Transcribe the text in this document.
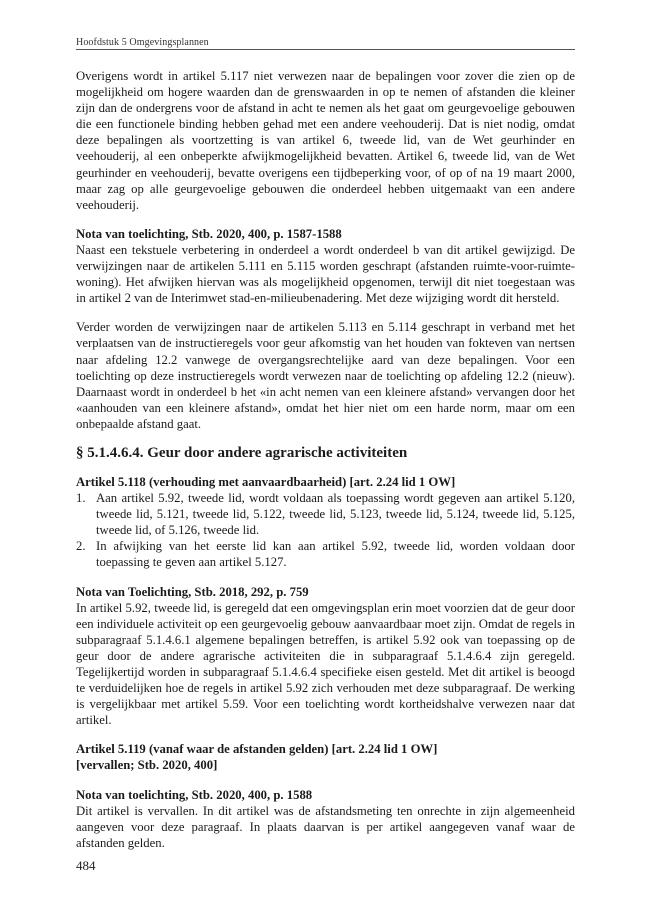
Hoofdstuk 5 Omgevingsplannen

Overigens wordt in artikel 5.117 niet verwezen naar de bepalingen voor zover die zien op de mogelijkheid om hogere waarden dan de grenswaarden in op te nemen of afstanden die kleiner zijn dan de ondergrens voor de afstand in acht te nemen als het gaat om geurgevoelige gebouwen die een functionele binding hebben gehad met een andere veehouderij. Dat is niet nodig, omdat deze bepalingen als voortzetting is van artikel 6, tweede lid, van de Wet geurhinder en veehouderij, al een onbeperkte afwijkmogelijkheid bevatten. Artikel 6, tweede lid, van de Wet geurhinder en veehouderij, bevatte overigens een tijdbeperking voor, of op of na 19 maart 2000, maar zag op alle geurgevoelige gebouwen die onderdeel hebben uitgemaakt van een andere veehouderij.

Nota van toelichting, Stb. 2020, 400, p. 1587-1588

Naast een tekstuele verbetering in onderdeel a wordt onderdeel b van dit artikel gewijzigd. De verwijzingen naar de artikelen 5.111 en 5.115 worden geschrapt (afstanden ruimte-voor-ruimte-woning). Het afwijken hiervan was als mogelijkheid opgenomen, terwijl dit niet toegestaan was in artikel 2 van de Interimwet stad-en-milieubenadering. Met deze wijziging wordt dit hersteld.

Verder worden de verwijzingen naar de artikelen 5.113 en 5.114 geschrapt in verband met het verplaatsen van de instructieregels voor geur afkomstig van het houden van fokteven van nertsen naar afdeling 12.2 vanwege de overgangsrechtelijke aard van deze bepalingen. Voor een toelichting op deze instructieregels wordt verwezen naar de toelichting op afdeling 12.2 (nieuw). Daarnaast wordt in onderdeel b het «in acht nemen van een kleinere afstand» vervangen door het «aanhouden van een kleinere afstand», omdat het hier niet om een harde norm, maar om een onbepaalde afstand gaat.

§ 5.1.4.6.4. Geur door andere agrarische activiteiten

Artikel 5.118 (verhouding met aanvaardbaarheid) [art. 2.24 lid 1 OW]

1. Aan artikel 5.92, tweede lid, wordt voldaan als toepassing wordt gegeven aan artikel 5.120, tweede lid, 5.121, tweede lid, 5.122, tweede lid, 5.123, tweede lid, 5.124, tweede lid, 5.125, tweede lid, of 5.126, tweede lid.
2. In afwijking van het eerste lid kan aan artikel 5.92, tweede lid, worden voldaan door toepassing te geven aan artikel 5.127.

Nota van Toelichting, Stb. 2018, 292, p. 759

In artikel 5.92, tweede lid, is geregeld dat een omgevingsplan erin moet voorzien dat de geur door een individuele activiteit op een geurgevoelig gebouw aanvaardbaar moet zijn. Omdat de regels in subparagraaf 5.1.4.6.1 algemene bepalingen betreffen, is artikel 5.92 ook van toepassing op de geur door de andere agrarische activiteiten die in subparagraaf 5.1.4.6.4 zijn geregeld. Tegelijkertijd worden in subparagraaf 5.1.4.6.4 specifieke eisen gesteld. Met dit artikel is beoogd te verduidelijken hoe de regels in artikel 5.92 zich verhouden met deze subparagraaf. De werking is vergelijkbaar met artikel 5.59. Voor een toelichting wordt kortheidshalve verwezen naar dat artikel.

Artikel 5.119 (vanaf waar de afstanden gelden) [art. 2.24 lid 1 OW]

[vervallen; Stb. 2020, 400]

Nota van toelichting, Stb. 2020, 400, p. 1588

Dit artikel is vervallen. In dit artikel was de afstandsmeting ten onrechte in zijn algemeenheid aangeven voor deze paragraaf. In plaats daarvan is per artikel aangegeven vanaf waar de afstanden gelden.

484
